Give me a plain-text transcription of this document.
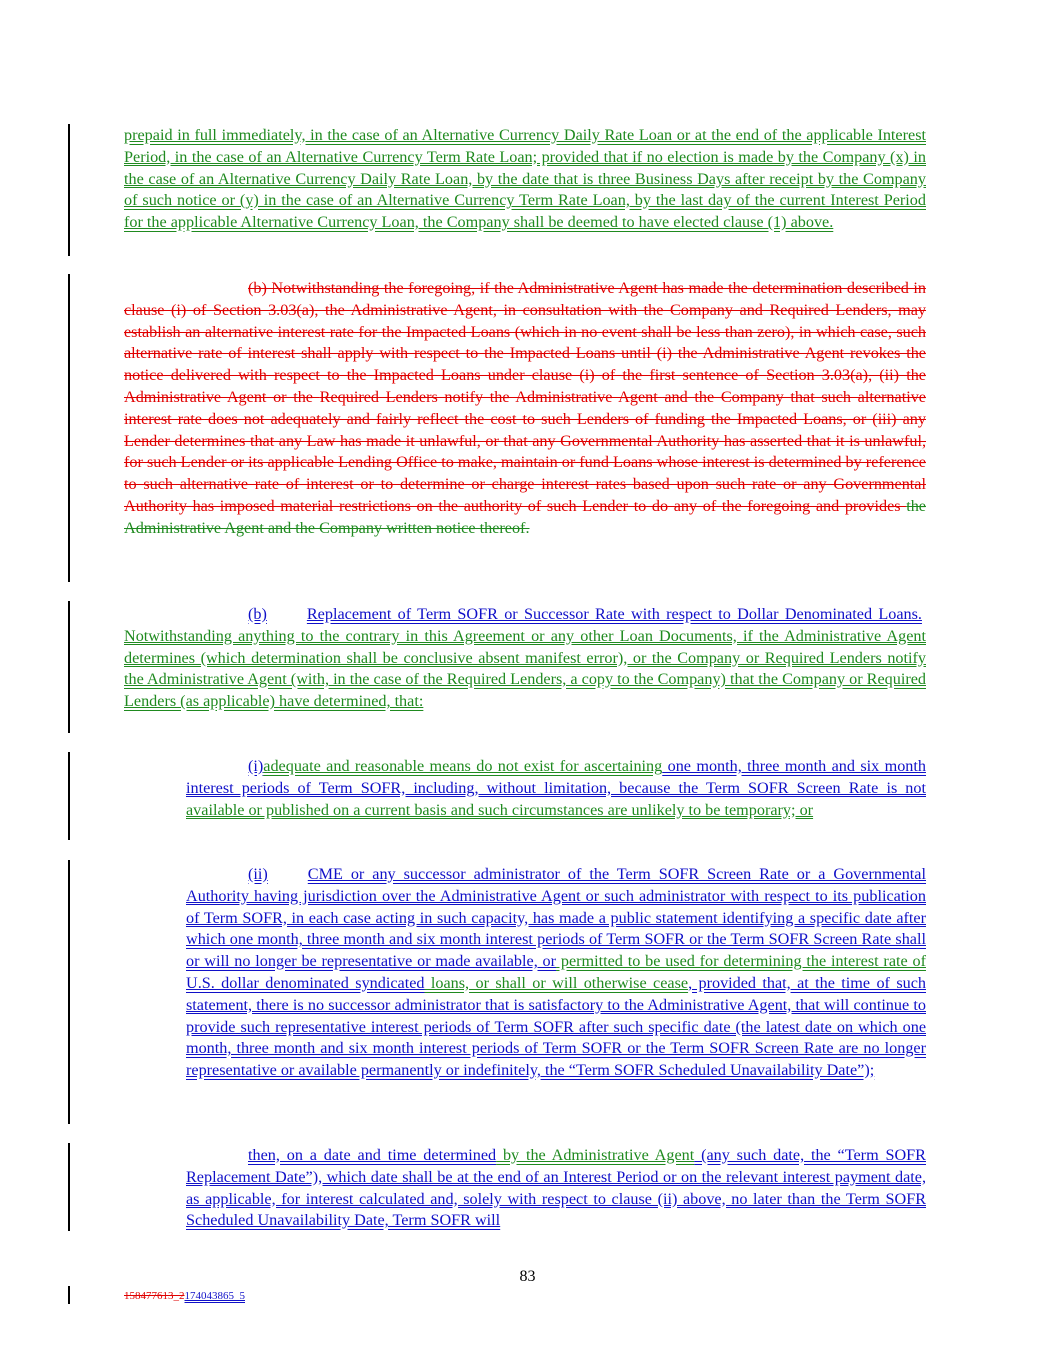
prepaid in full immediately, in the case of an Alternative Currency Daily Rate Loan or at the end of the applicable Interest Period, in the case of an Alternative Currency Term Rate Loan; provided that if no election is made by the Company (x) in the case of an Alternative Currency Daily Rate Loan, by the date that is three Business Days after receipt by the Company of such notice or (y) in the case of an Alternative Currency Term Rate Loan, by the last day of the current Interest Period for the applicable Alternative Currency Loan, the Company shall be deemed to have elected clause (1) above.

(b) Notwithstanding the foregoing, if the Administrative Agent has made the determination described in clause (i) of Section 3.03(a), the Administrative Agent, in consultation with the Company and Required Lenders, may establish an alternative interest rate for the Impacted Loans (which in no event shall be less than zero), in which case, such alternative rate of interest shall apply with respect to the Impacted Loans until (i) the Administrative Agent revokes the notice delivered with respect to the Impacted Loans under clause (i) of the first sentence of Section 3.03(a), (ii) the Administrative Agent or the Required Lenders notify the Administrative Agent and the Company that such alternative interest rate does not adequately and fairly reflect the cost to such Lenders of funding the Impacted Loans, or (iii) any Lender determines that any Law has made it unlawful, or that any Governmental Authority has asserted that it is unlawful, for such Lender or its applicable Lending Office to make, maintain or fund Loans whose interest is determined by reference to such alternative rate of interest or to determine or charge interest rates based upon such rate or any Governmental Authority has imposed material restrictions on the authority of such Lender to do any of the foregoing and provides the Administrative Agent and the Company written notice thereof.

(b) Replacement of Term SOFR or Successor Rate with respect to Dollar Denominated Loans.  Notwithstanding anything to the contrary in this Agreement or any other Loan Documents, if the Administrative Agent determines (which determination shall be conclusive absent manifest error), or the Company or Required Lenders notify the Administrative Agent (with, in the case of the Required Lenders, a copy to the Company) that the Company or Required Lenders (as applicable) have determined, that:

(i)adequate and reasonable means do not exist for ascertaining one month, three month and six month interest periods of Term SOFR, including, without limitation, because the Term SOFR Screen Rate is not available or published on a current basis and such circumstances are unlikely to be temporary; or

(ii) CME or any successor administrator of the Term SOFR Screen Rate or a Governmental Authority having jurisdiction over the Administrative Agent or such administrator with respect to its publication of Term SOFR, in each case acting in such capacity, has made a public statement identifying a specific date after which one month, three month and six month interest periods of Term SOFR or the Term SOFR Screen Rate shall or will no longer be representative or made available, or permitted to be used for determining the interest rate of U.S. dollar denominated syndicated loans, or shall or will otherwise cease, provided that, at the time of such statement, there is no successor administrator that is satisfactory to the Administrative Agent, that will continue to provide such representative interest periods of Term SOFR after such specific date (the latest date on which one month, three month and six month interest periods of Term SOFR or the Term SOFR Screen Rate are no longer representative or available permanently or indefinitely, the “Term SOFR Scheduled Unavailability Date”);

then, on a date and time determined by the Administrative Agent (any such date, the “Term SOFR Replacement Date”), which date shall be at the end of an Interest Period or on the relevant interest payment date, as applicable, for interest calculated and, solely with respect to clause (ii) above, no later than the Term SOFR Scheduled Unavailability Date, Term SOFR will

83
158477613_2174043865_5
